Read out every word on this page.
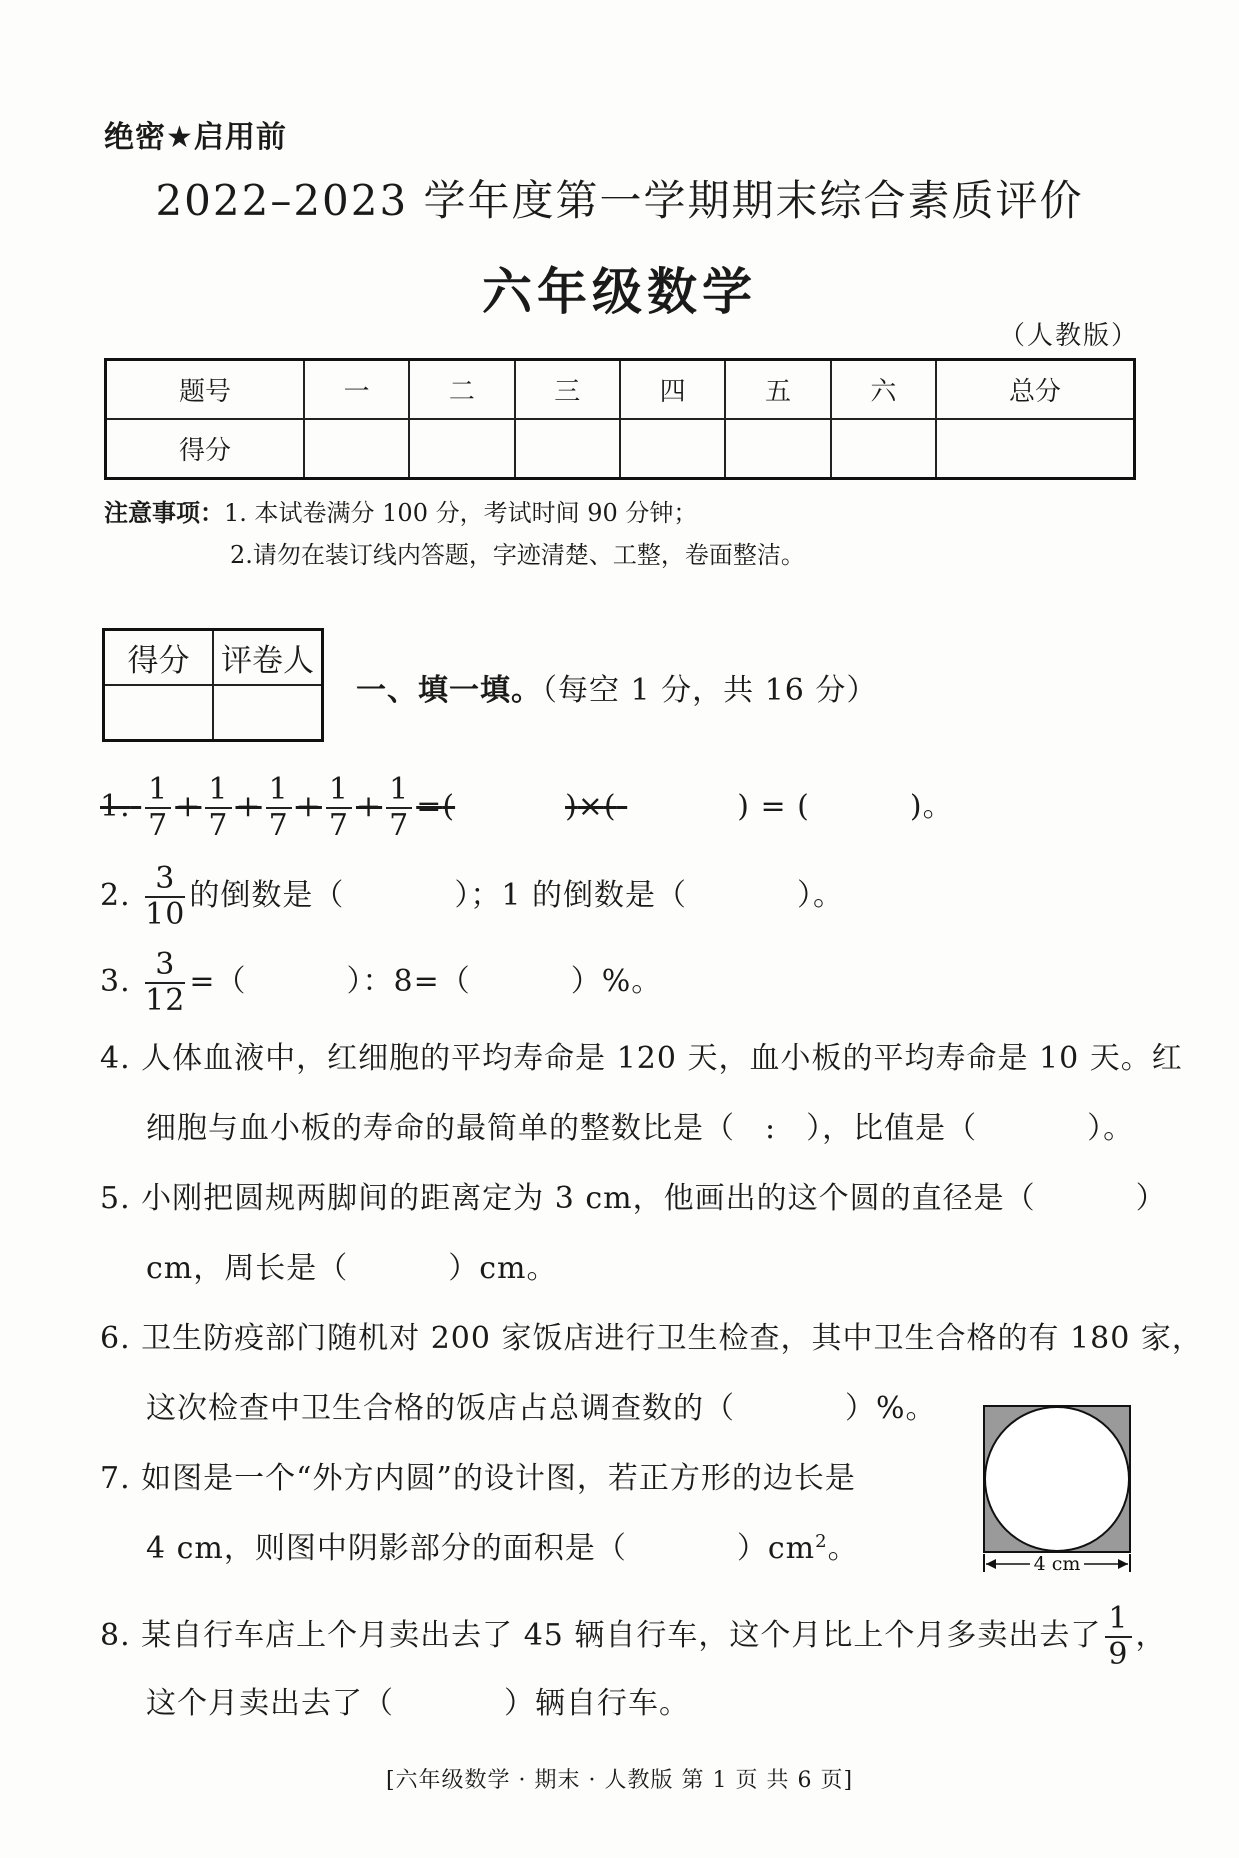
绝密★启用前
2022–2023 学年度第一学期期末综合素质评价
六年级数学
（人教版）
题号	一	二	三	四	五	六	总分
得分							
注意事项：1. 本试卷满分 100 分，考试时间 90 分钟；
2.请勿在装订线内答题，字迹清楚、工整，卷面整洁。
得分	评卷人

一、填一填。（每空 1 分，共 16 分）
1. $\frac{1}{7} + \frac{1}{7} + \frac{1}{7} + \frac{1}{7} + \frac{1}{7}$ =(	)×(	) = (	)。
2. $\frac{3}{10}$ 的倒数是（	）；1 的倒数是（	）。
3. $\frac{3}{12}$ =（	）：8=（	）%。
4. 人体血液中，红细胞的平均寿命是 120 天，血小板的平均寿命是 10 天。红
细胞与血小板的寿命的最简单的整数比是（ : ），比值是（	）。
5. 小刚把圆规两脚间的距离定为 3 cm，他画出的这个圆的直径是（	）
cm，周长是（	）cm。
6. 卫生防疫部门随机对 200 家饭店进行卫生检查，其中卫生合格的有 180 家，
这次检查中卫生合格的饭店占总调查数的（	）%。
7. 如图是一个“外方内圆”的设计图，若正方形的边长是
4 cm，则图中阴影部分的面积是（	）$cm^2$。	4 cm
8. 某自行车店上个月卖出去了 45 辆自行车，这个月比上个月多卖出去了 $\frac{1}{9}$ ，
这个月卖出去了（	）辆自行车。
[六年级数学 · 期末 · 人教版 第 1 页 共 6 页]
